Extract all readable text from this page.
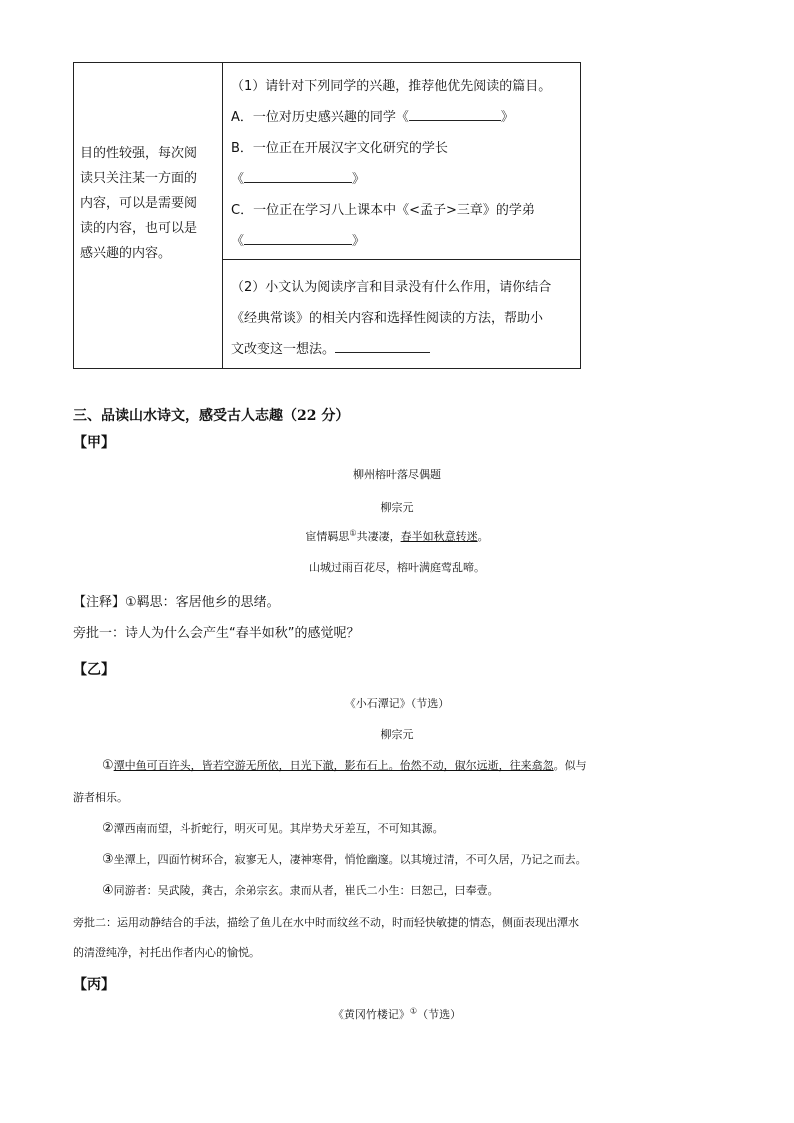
目的性较强，每次阅
读只关注某一方面的
内容，可以是需要阅
读的内容，也可以是
感兴趣的内容。
（1）请针对下列同学的兴趣，推荐他优先阅读的篇目。
A．一位对历史感兴趣的同学《	》
B．一位正在开展汉字文化研究的学长
《	》
C．一位正在学习八上课本中《<孟子>三章》的学弟
《	》
（2）小文认为阅读序言和目录没有什么作用，请你结合
《经典常谈》的相关内容和选择性阅读的方法，帮助小
文改变这一想法。
三、品读山水诗文，感受古人志趣（22 分）
【甲】
柳州榕叶落尽偶题
柳宗元
宦情羁思①共凄凄，春半如秋意转迷。
山城过雨百花尽，榕叶满庭莺乱啼。
【注释】①羁思：客居他乡的思绪。
旁批一：诗人为什么会产生“春半如秋”的感觉呢？
【乙】
《小石潭记》（节选）
柳宗元
①潭中鱼可百许头，皆若空游无所依，日光下澈，影布石上。佁然不动，俶尔远逝，往来翕忽。似与
游者相乐。
②潭西南而望，斗折蛇行，明灭可见。其岸势犬牙差互，不可知其源。
③坐潭上，四面竹树环合，寂寥无人，凄神寒骨，悄怆幽邃。以其境过清，不可久居，乃记之而去。
④同游者：吴武陵，龚古，余弟宗玄。隶而从者，崔氏二小生：曰恕己，曰奉壹。
旁批二：运用动静结合的手法，描绘了鱼儿在水中时而纹丝不动，时而轻快敏捷的情态，侧面表现出潭水
的清澄纯净，衬托出作者内心的愉悦。
【丙】
《黄冈竹楼记》①（节选）
